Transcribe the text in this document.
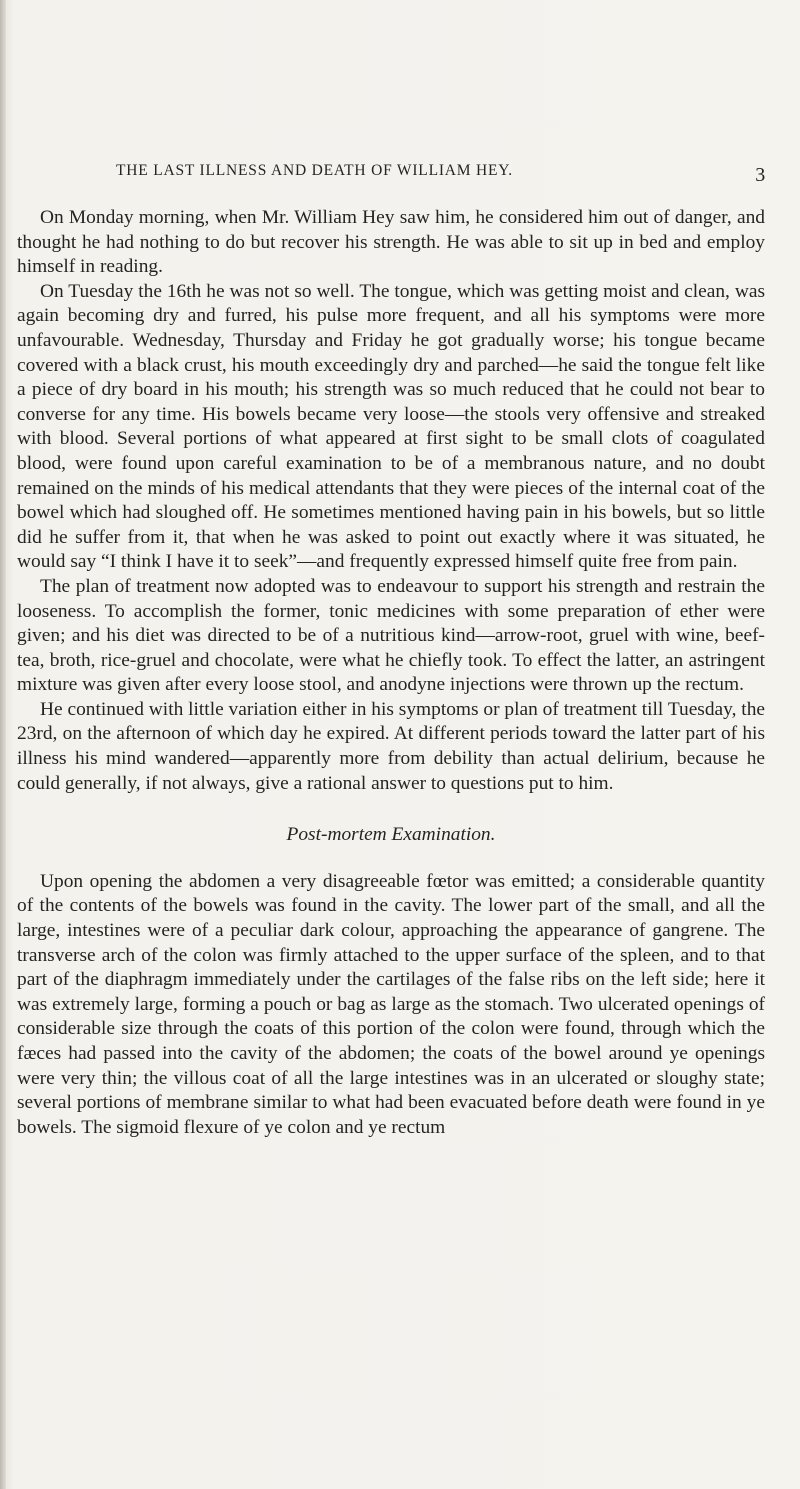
THE LAST ILLNESS AND DEATH OF WILLIAM HEY.	3

On Monday morning, when Mr. William Hey saw him, he considered him out of danger, and thought he had nothing to do but recover his strength. He was able to sit up in bed and employ himself in reading.

On Tuesday the 16th he was not so well. The tongue, which was getting moist and clean, was again becoming dry and furred, his pulse more frequent, and all his symptoms were more unfavourable. Wednesday, Thursday and Friday he got gradually worse; his tongue became covered with a black crust, his mouth exceedingly dry and parched—he said the tongue felt like a piece of dry board in his mouth; his strength was so much reduced that he could not bear to converse for any time. His bowels became very loose—the stools very offensive and streaked with blood. Several portions of what appeared at first sight to be small clots of coagulated blood, were found upon careful examination to be of a membranous nature, and no doubt remained on the minds of his medical attendants that they were pieces of the internal coat of the bowel which had sloughed off. He sometimes mentioned having pain in his bowels, but so little did he suffer from it, that when he was asked to point out exactly where it was situated, he would say “I think I have it to seek”—and frequently expressed himself quite free from pain.

The plan of treatment now adopted was to endeavour to support his strength and restrain the looseness. To accomplish the former, tonic medicines with some preparation of ether were given; and his diet was directed to be of a nutritious kind—arrow-root, gruel with wine, beef-tea, broth, rice-gruel and chocolate, were what he chiefly took. To effect the latter, an astringent mixture was given after every loose stool, and anodyne injections were thrown up the rectum.

He continued with little variation either in his symptoms or plan of treatment till Tuesday, the 23rd, on the afternoon of which day he expired. At different periods toward the latter part of his illness his mind wandered—apparently more from debility than actual delirium, because he could generally, if not always, give a rational answer to questions put to him.

Post-mortem Examination.

Upon opening the abdomen a very disagreeable fœtor was emitted; a considerable quantity of the contents of the bowels was found in the cavity. The lower part of the small, and all the large, intestines were of a peculiar dark colour, approaching the appearance of gangrene. The transverse arch of the colon was firmly attached to the upper surface of the spleen, and to that part of the diaphragm immediately under the cartilages of the false ribs on the left side; here it was extremely large, forming a pouch or bag as large as the stomach. Two ulcerated openings of considerable size through the coats of this portion of the colon were found, through which the fæces had passed into the cavity of the abdomen; the coats of the bowel around ye openings were very thin; the villous coat of all the large intestines was in an ulcerated or sloughy state; several portions of membrane similar to what had been evacuated before death were found in ye bowels. The sigmoid flexure of ye colon and ye rectum
